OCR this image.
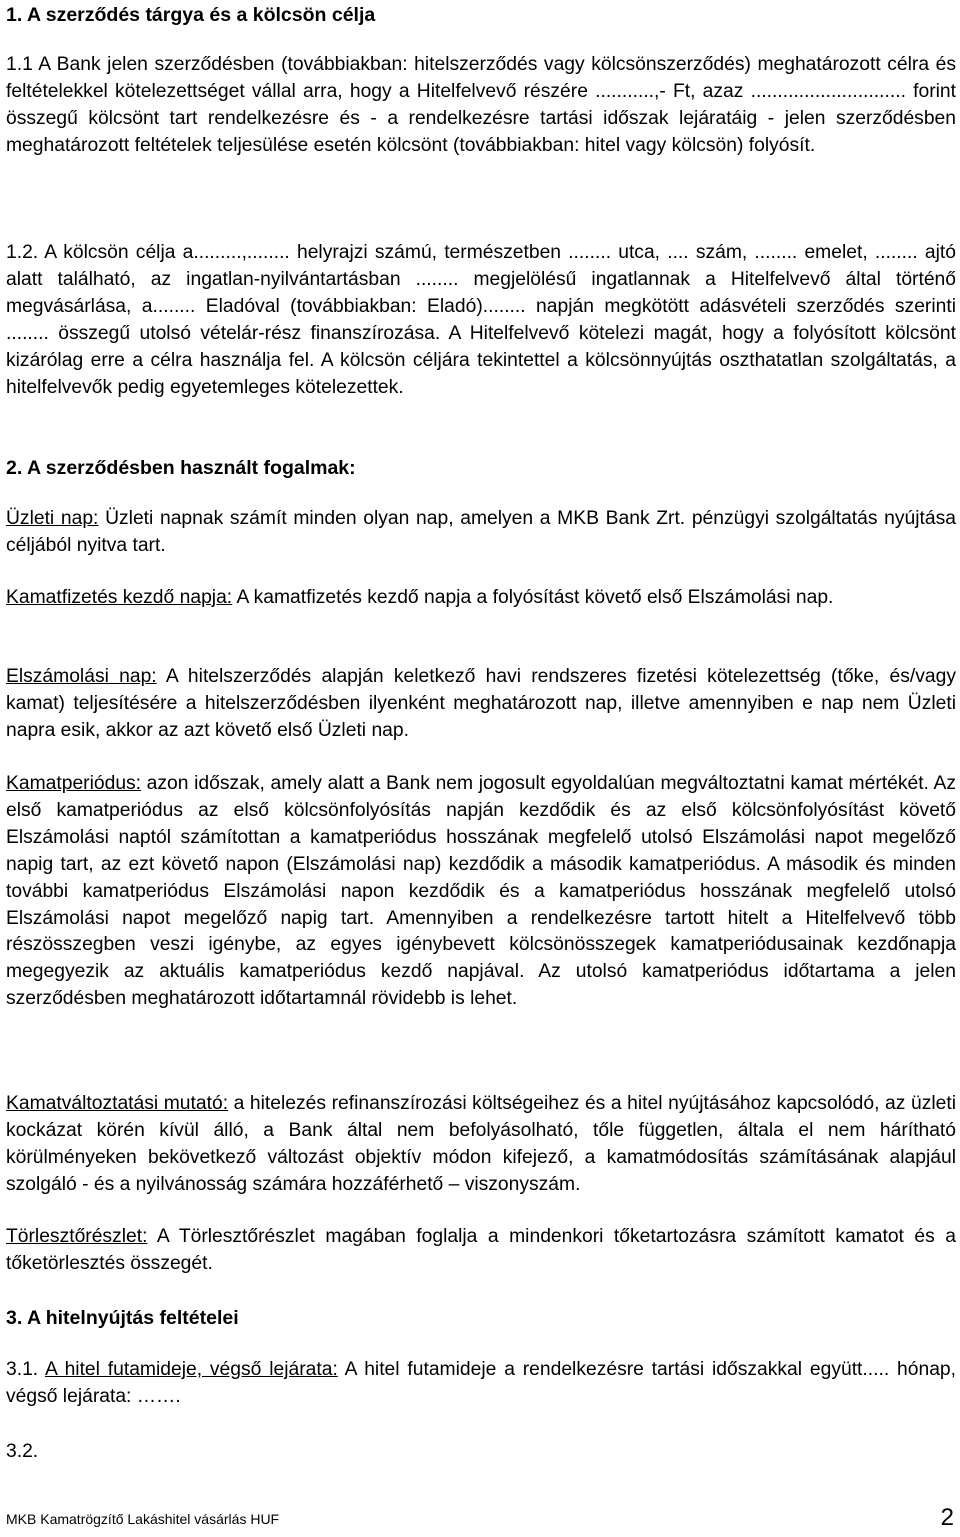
1. A szerződés tárgya és a kölcsön célja
1.1 A Bank jelen szerződésben (továbbiakban: hitelszerződés vagy kölcsönszerződés) meghatározott célra és feltételekkel kötelezettséget vállal arra, hogy a Hitelfelvevő részére ...........,- Ft, azaz ............................. forint összegű kölcsönt tart rendelkezésre és - a rendelkezésre tartási időszak lejáratáig - jelen szerződésben meghatározott feltételek teljesülése esetén kölcsönt (továbbiakban: hitel vagy kölcsön) folyósít.
1.2. A kölcsön célja a.........,........ helyrajzi számú, természetben ........ utca, .... szám, ........ emelet, ........ ajtó alatt található, az ingatlan-nyilvántartásban ........ megjelölésű ingatlannak a Hitelfelvevő által történő megvásárlása, a........ Eladóval (továbbiakban: Eladó)........ napján megkötött adásvételi szerződés szerinti ........ összegű utolsó vételár-rész finanszírozása. A Hitelfelvevő kötelezi magát, hogy a folyósított kölcsönt kizárólag erre a célra használja fel. A kölcsön céljára tekintettel a kölcsönnyújtás oszthatatlan szolgáltatás, a hitelfelvevők pedig egyetemleges kötelezettek.
2. A szerződésben használt fogalmak:
Üzleti nap: Üzleti napnak számít minden olyan nap, amelyen a MKB Bank Zrt. pénzügyi szolgáltatás nyújtása céljából nyitva tart.
Kamatfizetés kezdő napja: A kamatfizetés kezdő napja a folyósítást követő első Elszámolási nap.
Elszámolási nap: A hitelszerződés alapján keletkező havi rendszeres fizetési kötelezettség (tőke, és/vagy kamat) teljesítésére a hitelszerződésben ilyenként meghatározott nap, illetve amennyiben e nap nem Üzleti napra esik, akkor az azt követő első Üzleti nap.
Kamatperiódus: azon időszak, amely alatt a Bank nem jogosult egyoldalúan megváltoztatni kamat mértékét. Az első kamatperiódus az első kölcsönfolyósítás napján kezdődik és az első kölcsönfolyósítást követő Elszámolási naptól számítottan a kamatperiódus hosszának megfelelő utolsó Elszámolási napot megelőző napig tart, az ezt követő napon (Elszámolási nap) kezdődik a második kamatperiódus. A második és minden további kamatperiódus Elszámolási napon kezdődik és a kamatperiódus hosszának megfelelő utolsó Elszámolási napot megelőző napig tart. Amennyiben a rendelkezésre tartott hitelt a Hitelfelvevő több részösszegben veszi igénybe, az egyes igénybevett kölcsönösszegek kamatperiódusainak kezdőnapja megegyezik az aktuális kamatperiódus kezdő napjával. Az utolsó kamatperiódus időtartama a jelen szerződésben meghatározott időtartamnál rövidebb is lehet.
Kamatváltoztatási mutató: a hitelezés refinanszírozási költségeihez és a hitel nyújtásához kapcsolódó, az üzleti kockázat körén kívül álló, a Bank által nem befolyásolható, tőle független, általa el nem hárítható körülményeken bekövetkező változást objektív módon kifejező, a kamatmódosítás számításának alapjául szolgáló - és a nyilvánosság számára hozzáférhető – viszonyszám.
Törlesztőrészlet: A Törlesztőrészlet magában foglalja a mindenkori tőketartozásra számított kamatot és a tőketörlesztés összegét.
3. A hitelnyújtás feltételei
3.1. A hitel futamideje, végső lejárata: A hitel futamideje a rendelkezésre tartási időszakkal együtt..... hónap, végső lejárata: …….
3.2.
MKB Kamatrögzítő Lakáshitel vásárlás HUF	2
